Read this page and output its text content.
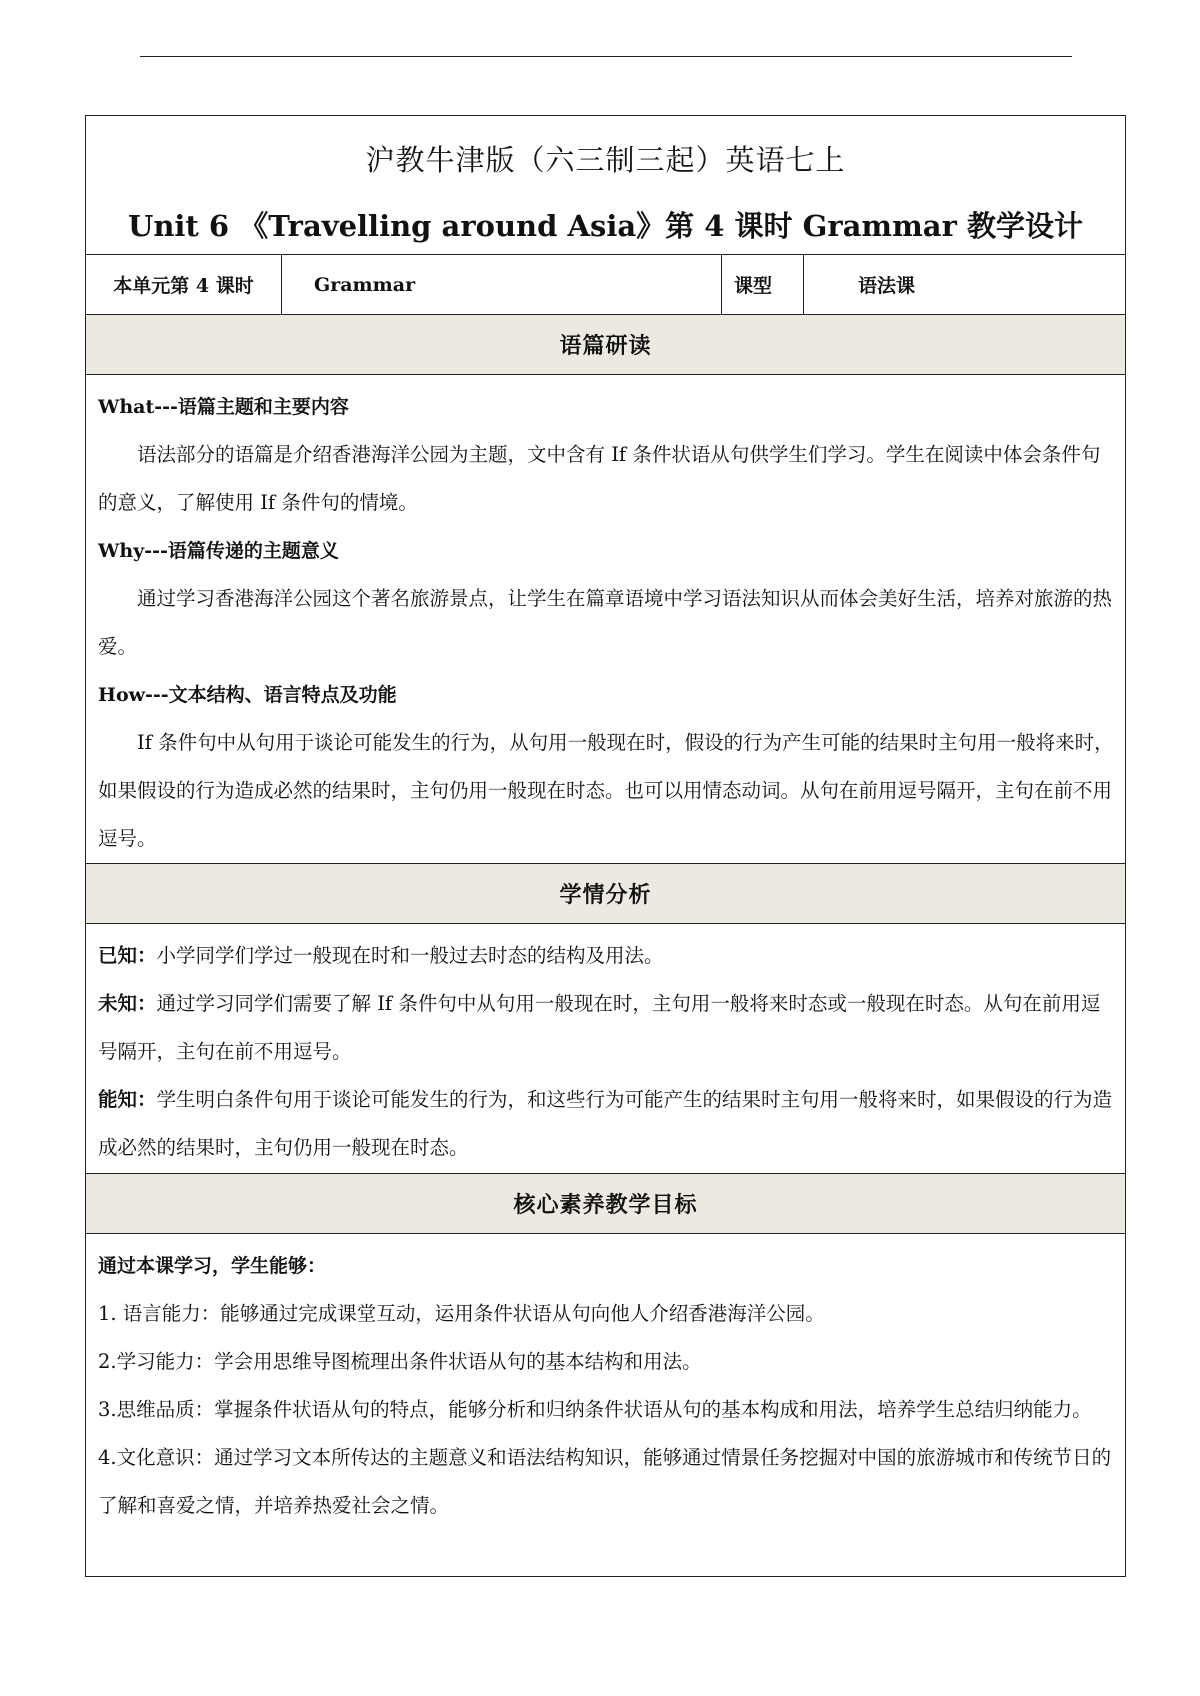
沪教牛津版（六三制三起）英语七上
Unit 6 《Travelling around Asia》第 4 课时 Grammar 教学设计
本单元第 4 课时	Grammar	课型	语法课
语篇研读
What---语篇主题和主要内容
语法部分的语篇是介绍香港海洋公园为主题，文中含有 If 条件状语从句供学生们学习。学生在阅读中体会条件句的意义，了解使用 If 条件句的情境。
Why---语篇传递的主题意义
通过学习香港海洋公园这个著名旅游景点，让学生在篇章语境中学习语法知识从而体会美好生活，培养对旅游的热爱。
How---文本结构、语言特点及功能
If 条件句中从句用于谈论可能发生的行为，从句用一般现在时，假设的行为产生可能的结果时主句用一般将来时，如果假设的行为造成必然的结果时，主句仍用一般现在时态。也可以用情态动词。从句在前用逗号隔开，主句在前不用逗号。
学情分析
已知：小学同学们学过一般现在时和一般过去时态的结构及用法。
未知：通过学习同学们需要了解 If 条件句中从句用一般现在时，主句用一般将来时态或一般现在时态。从句在前用逗号隔开，主句在前不用逗号。
能知：学生明白条件句用于谈论可能发生的行为，和这些行为可能产生的结果时主句用一般将来时，如果假设的行为造成必然的结果时，主句仍用一般现在时态。
核心素养教学目标
通过本课学习，学生能够：
1. 语言能力：能够通过完成课堂互动，运用条件状语从句向他人介绍香港海洋公园。
2.学习能力：学会用思维导图梳理出条件状语从句的基本结构和用法。
3.思维品质：掌握条件状语从句的特点，能够分析和归纳条件状语从句的基本构成和用法，培养学生总结归纳能力。
4.文化意识：通过学习文本所传达的主题意义和语法结构知识，能够通过情景任务挖掘对中国的旅游城市和传统节日的了解和喜爱之情，并培养热爱社会之情。
